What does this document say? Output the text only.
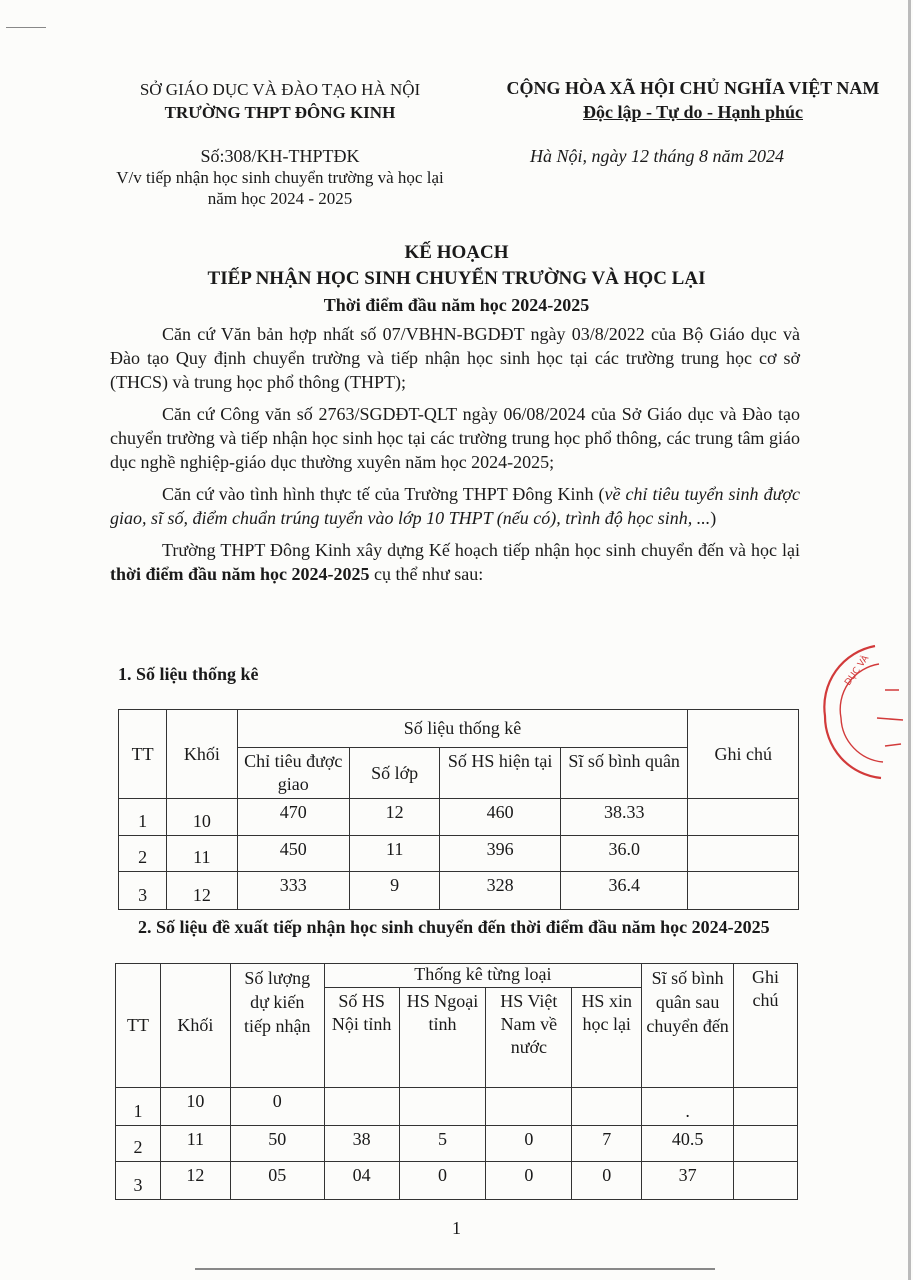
SỞ GIÁO DỤC VÀ ĐÀO TẠO HÀ NỘI
TRƯỜNG THPT ĐÔNG KINH
CỘNG HÒA XÃ HỘI CHỦ NGHĨA VIỆT NAM
Độc lập - Tự do - Hạnh phúc
Số:308/KH-THPTĐK
V/v tiếp nhận học sinh chuyển trường và học lại
năm học 2024 - 2025
Hà Nội, ngày 12 tháng 8 năm 2024
KẾ HOẠCH
TIẾP NHẬN HỌC SINH CHUYỂN TRƯỜNG VÀ HỌC LẠI
Thời điểm đầu năm học 2024-2025

Căn cứ Văn bản hợp nhất số 07/VBHN-BGDĐT ngày 03/8/2022 của Bộ Giáo dục và Đào tạo Quy định chuyển trường và tiếp nhận học sinh học tại các trường trung học cơ sở (THCS) và trung học phổ thông (THPT);

Căn cứ Công văn số 2763/SGDĐT-QLT ngày 06/08/2024 của Sở Giáo dục và Đào tạo chuyển trường và tiếp nhận học sinh học tại các trường trung học phổ thông, các trung tâm giáo dục nghề nghiệp-giáo dục thường xuyên năm học 2024-2025;

Căn cứ vào tình hình thực tế của Trường THPT Đông Kinh (về chỉ tiêu tuyển sinh được giao, sĩ số, điểm chuẩn trúng tuyển vào lớp 10 THPT (nếu có), trình độ học sinh, ...)

Trường THPT Đông Kinh xây dựng Kế hoạch tiếp nhận học sinh chuyển đến và học lại thời điểm đầu năm học 2024-2025 cụ thể như sau:

1. Số liệu thống kê
TT	Khối	Số liệu thống kê				Ghi chú
		Chỉ tiêu được giao	Số lớp	Số HS hiện tại	Sĩ số bình quân	
1	10	470	12	460	38.33	
2	11	450	11	396	36.0	
3	12	333	9	328	36.4	
2. Số liệu đề xuất tiếp nhận học sinh chuyển đến thời điểm đầu năm học 2024-2025
TT	Khối	Số lượng dự kiến tiếp nhận	Thống kê từng loại				Sĩ số bình quân sau chuyển đến	Ghi chú
			Số HS Nội tỉnh	HS Ngoại tỉnh	HS Việt Nam về nước	HS xin học lại		
1	10	0					.	
2	11	50	38	5	0	7	40.5	
3	12	05	04	0	0	0	37	
1
DỤC VÀ
